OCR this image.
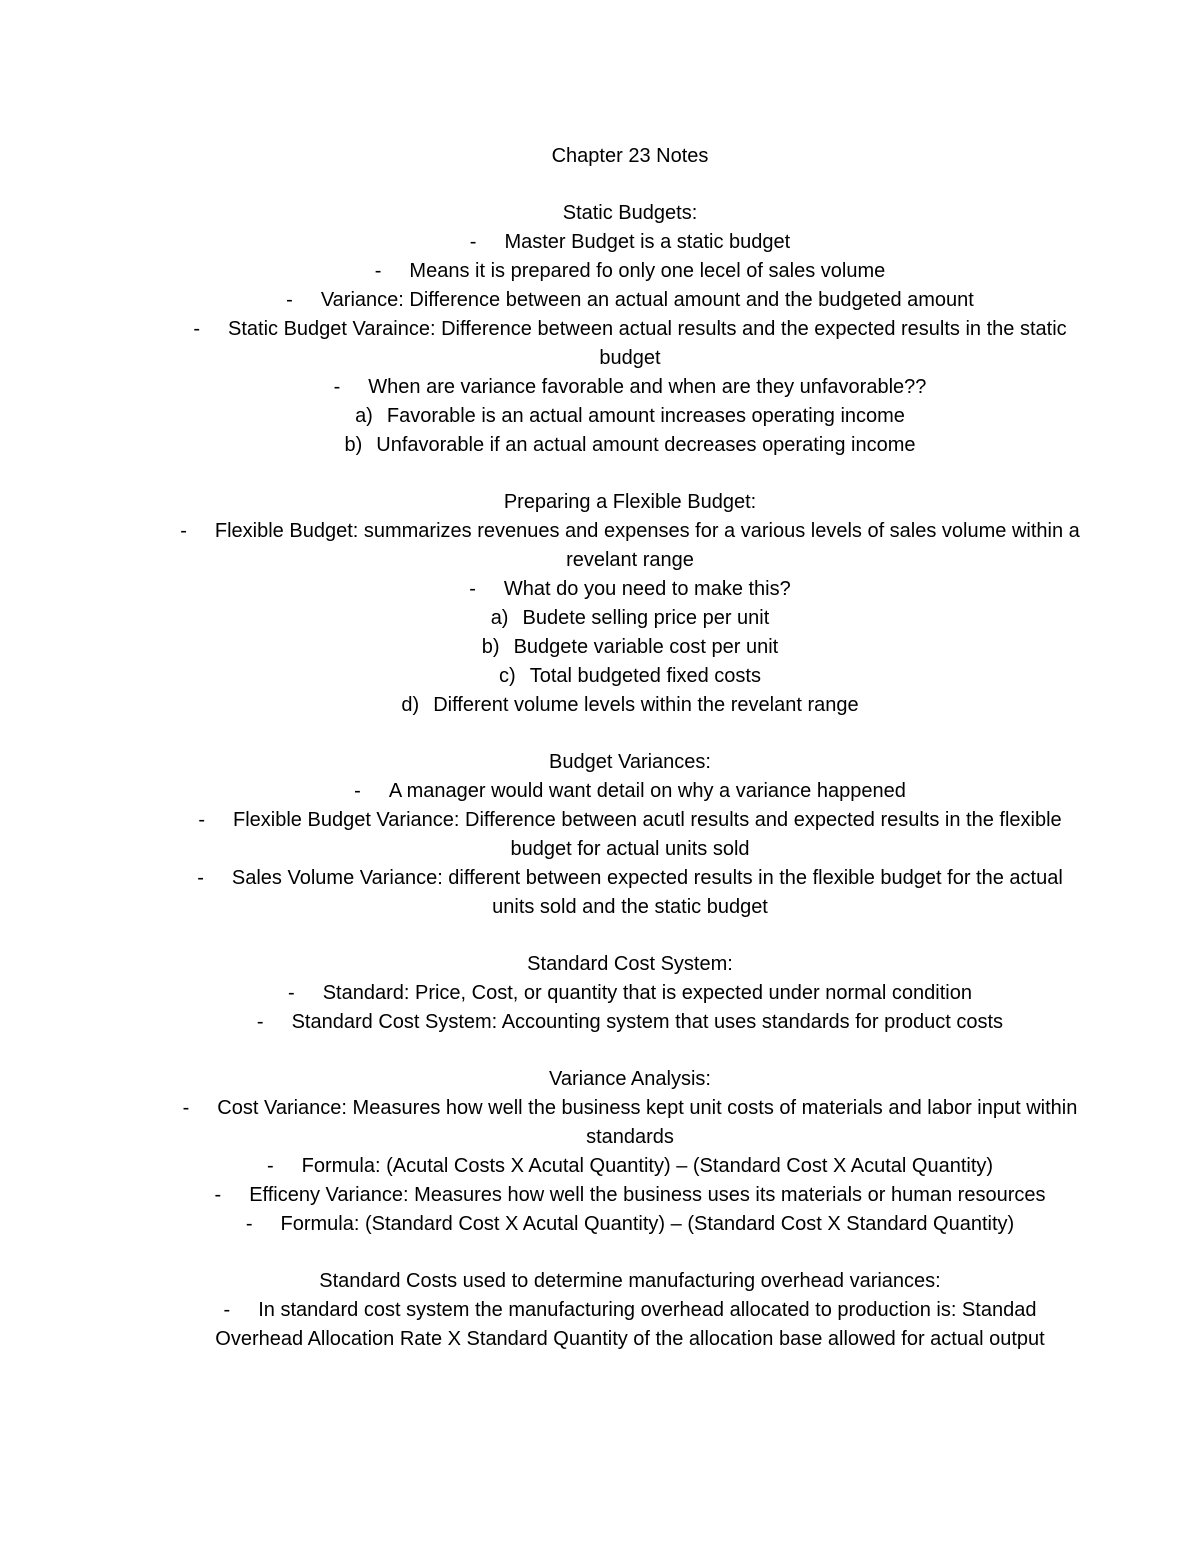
Chapter 23 Notes
Static Budgets:
- Master Budget is a static budget
- Means it is prepared fo only one lecel of sales volume
- Variance: Difference between an actual amount and the budgeted amount
- Static Budget Varaince: Difference between actual results and the expected results in the static budget
- When are variance favorable and when are they unfavorable??
a) Favorable is an actual amount increases operating income
b) Unfavorable if an actual amount decreases operating income
Preparing a Flexible Budget:
- Flexible Budget: summarizes revenues and expenses for a various levels of sales volume within a revelant range
- What do you need to make this?
a) Budete selling price per unit
b) Budgete variable cost per unit
c) Total budgeted fixed costs
d) Different volume levels within the revelant range
Budget Variances:
- A manager would want detail on why a variance happened
- Flexible Budget Variance: Difference between acutl results and expected results in the flexible budget for actual units sold
- Sales Volume Variance: different between expected results in the flexible budget for the actual units sold and the static budget
Standard Cost System:
- Standard: Price, Cost, or quantity that is expected under normal condition
- Standard Cost System: Accounting system that uses standards for product costs
Variance Analysis:
- Cost Variance: Measures how well the business kept unit costs of materials and labor input within standards
- Formula: (Acutal Costs X Acutal Quantity) – (Standard Cost X Acutal Quantity)
- Efficeny Variance: Measures how well the business uses its materials or human resources
- Formula: (Standard Cost X Acutal Quantity) – (Standard Cost X Standard Quantity)
Standard Costs used to determine manufacturing overhead variances:
- In standard cost system the manufacturing overhead allocated to production is: Standad Overhead Allocation Rate X Standard Quantity of the allocation base allowed for actual output
